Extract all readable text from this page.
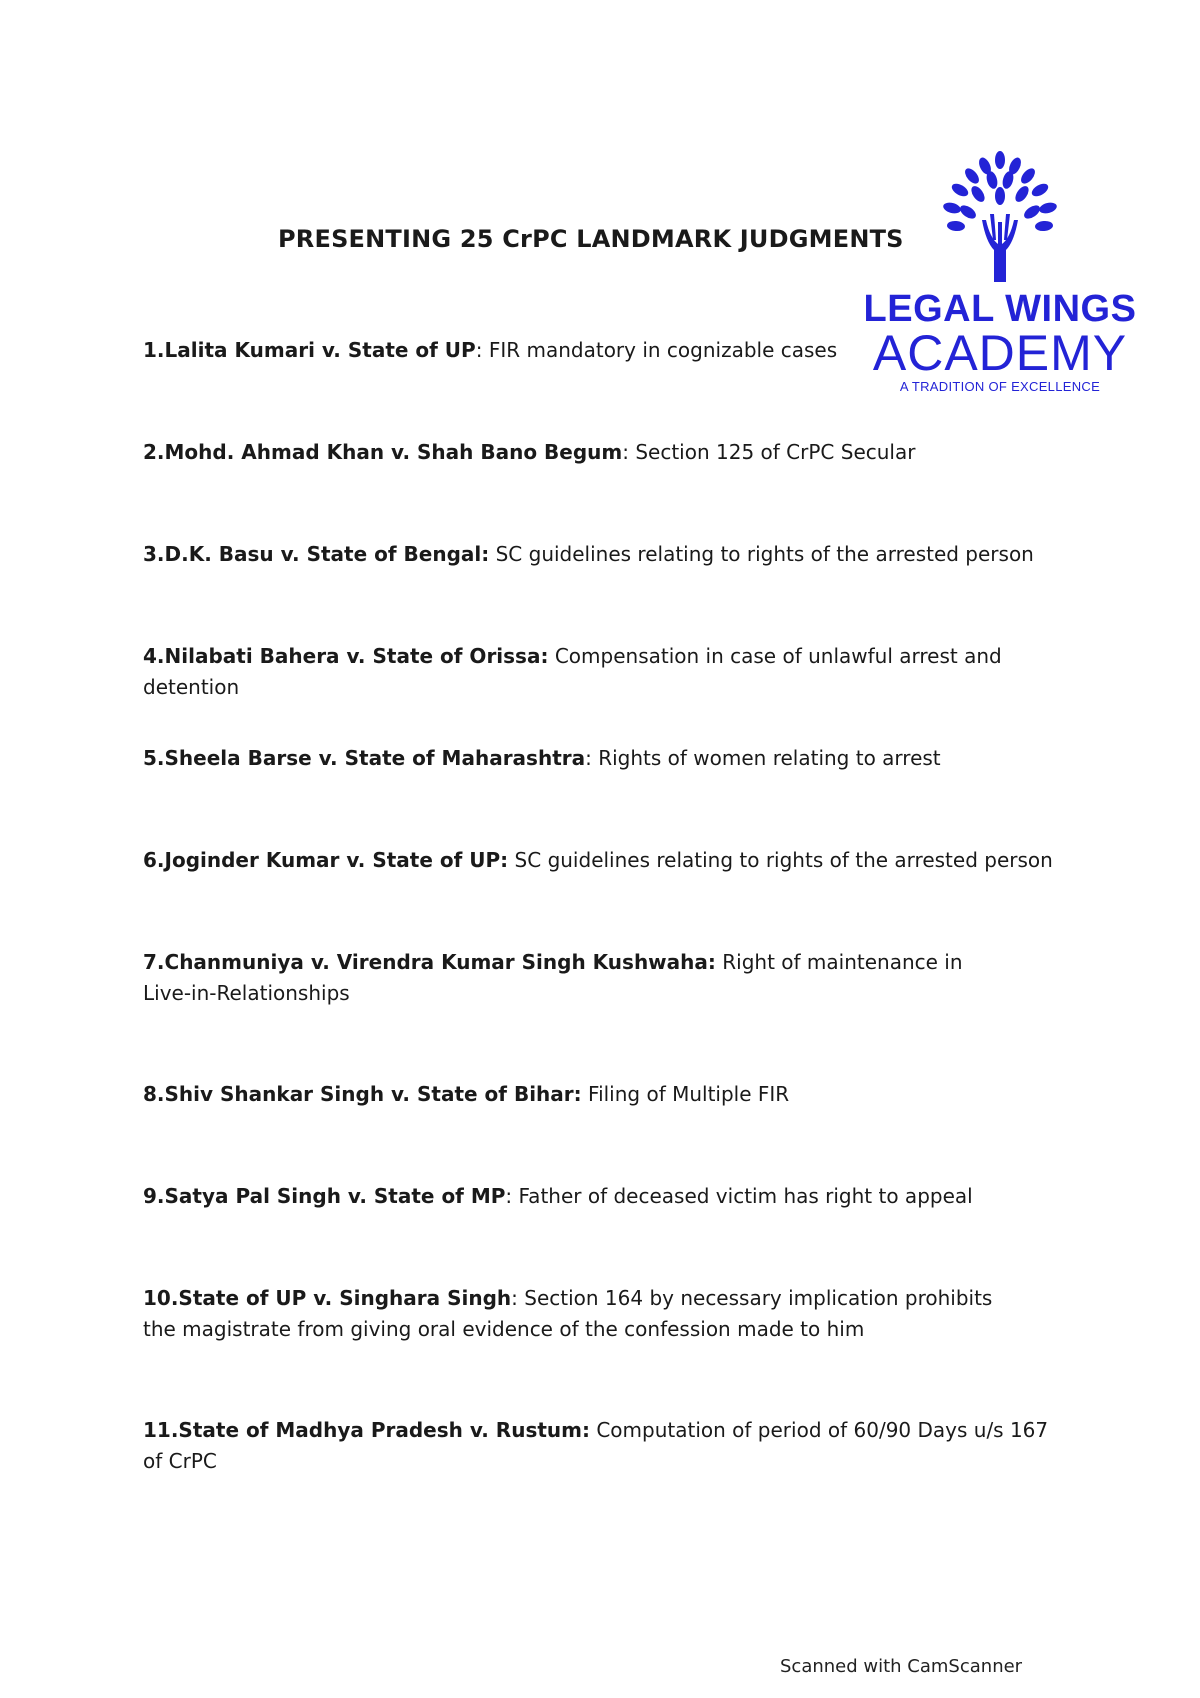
PRESENTING 25 CrPC LANDMARK JUDGMENTS
LEGAL WINGS
ACADEMY
A TRADITION OF EXCELLENCE
1.Lalita Kumari v. State of UP: FIR mandatory in cognizable cases
2.Mohd. Ahmad Khan v. Shah Bano Begum: Section 125 of CrPC Secular
3.D.K. Basu v. State of Bengal: SC guidelines relating to rights of the arrested person
4.Nilabati Bahera v. State of Orissa: Compensation in case of unlawful arrest and detention
5.Sheela Barse v. State of Maharashtra: Rights of women relating to arrest
6.Joginder Kumar v. State of UP: SC guidelines relating to rights of the arrested person
7.Chanmuniya v. Virendra Kumar Singh Kushwaha: Right of maintenance in Live-in-Relationships
8.Shiv Shankar Singh v. State of Bihar: Filing of Multiple FIR
9.Satya Pal Singh v. State of MP: Father of deceased victim has right to appeal
10.State of UP v. Singhara Singh: Section 164 by necessary implication prohibits the magistrate from giving oral evidence of the confession made to him
11.State of Madhya Pradesh v. Rustum: Computation of period of 60/90 Days u/s 167 of CrPC
Scanned with CamScanner
